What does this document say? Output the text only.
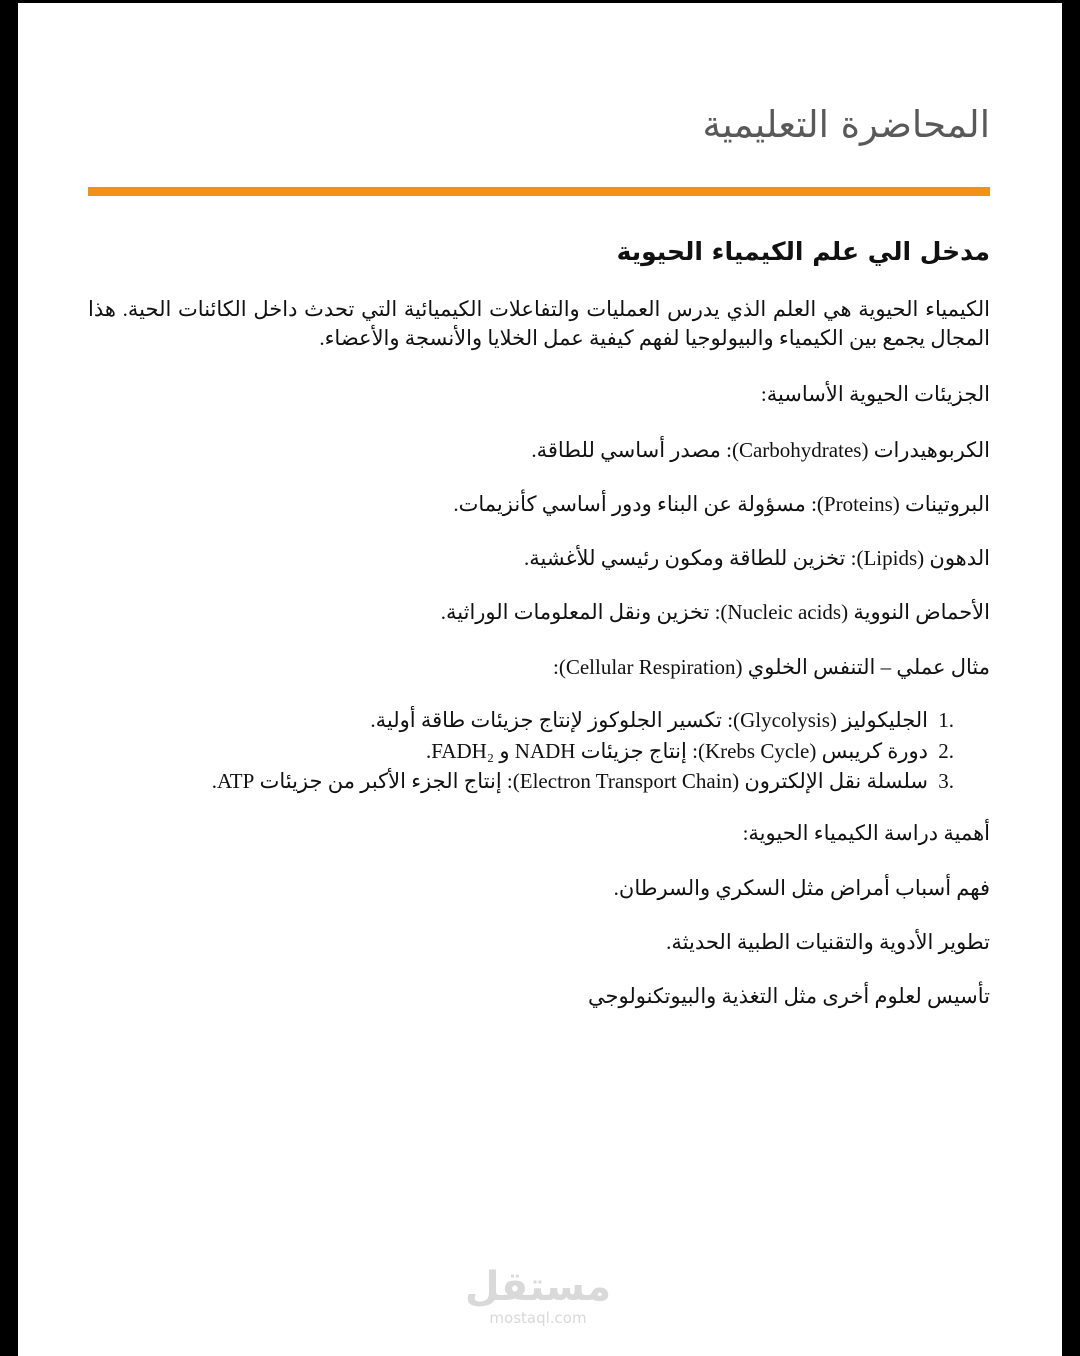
المحاضرة التعليمية
مدخل الي علم الكيمياء الحيوية

الكيمياء الحيوية هي العلم الذي يدرس العمليات والتفاعلات الكيميائية التي تحدث داخل الكائنات الحية. هذا المجال يجمع بين الكيمياء والبيولوجيا لفهم كيفية عمل الخلايا والأنسجة والأعضاء.

الجزيئات الحيوية الأساسية:

الكربوهيدرات (Carbohydrates): مصدر أساسي للطاقة.

البروتينات (Proteins): مسؤولة عن البناء ودور أساسي كأنزيمات.

الدهون (Lipids): تخزين للطاقة ومكون رئيسي للأغشية.

الأحماض النووية (Nucleic acids): تخزين ونقل المعلومات الوراثية.

مثال عملي – التنفس الخلوي (Cellular Respiration):

1.
الجليكوليز (Glycolysis): تكسير الجلوكوز لإنتاج جزيئات طاقة أولية.
2.
دورة كريبس (Krebs Cycle): إنتاج جزيئات NADH و FADH₂.
3.
سلسلة نقل الإلكترون (Electron Transport Chain): إنتاج الجزء الأكبر من جزيئات ATP.

أهمية دراسة الكيمياء الحيوية:

فهم أسباب أمراض مثل السكري والسرطان.

تطوير الأدوية والتقنيات الطبية الحديثة.

تأسيس لعلوم أخرى مثل التغذية والبيوتكنولوجي

مستقل
mostaql.com
